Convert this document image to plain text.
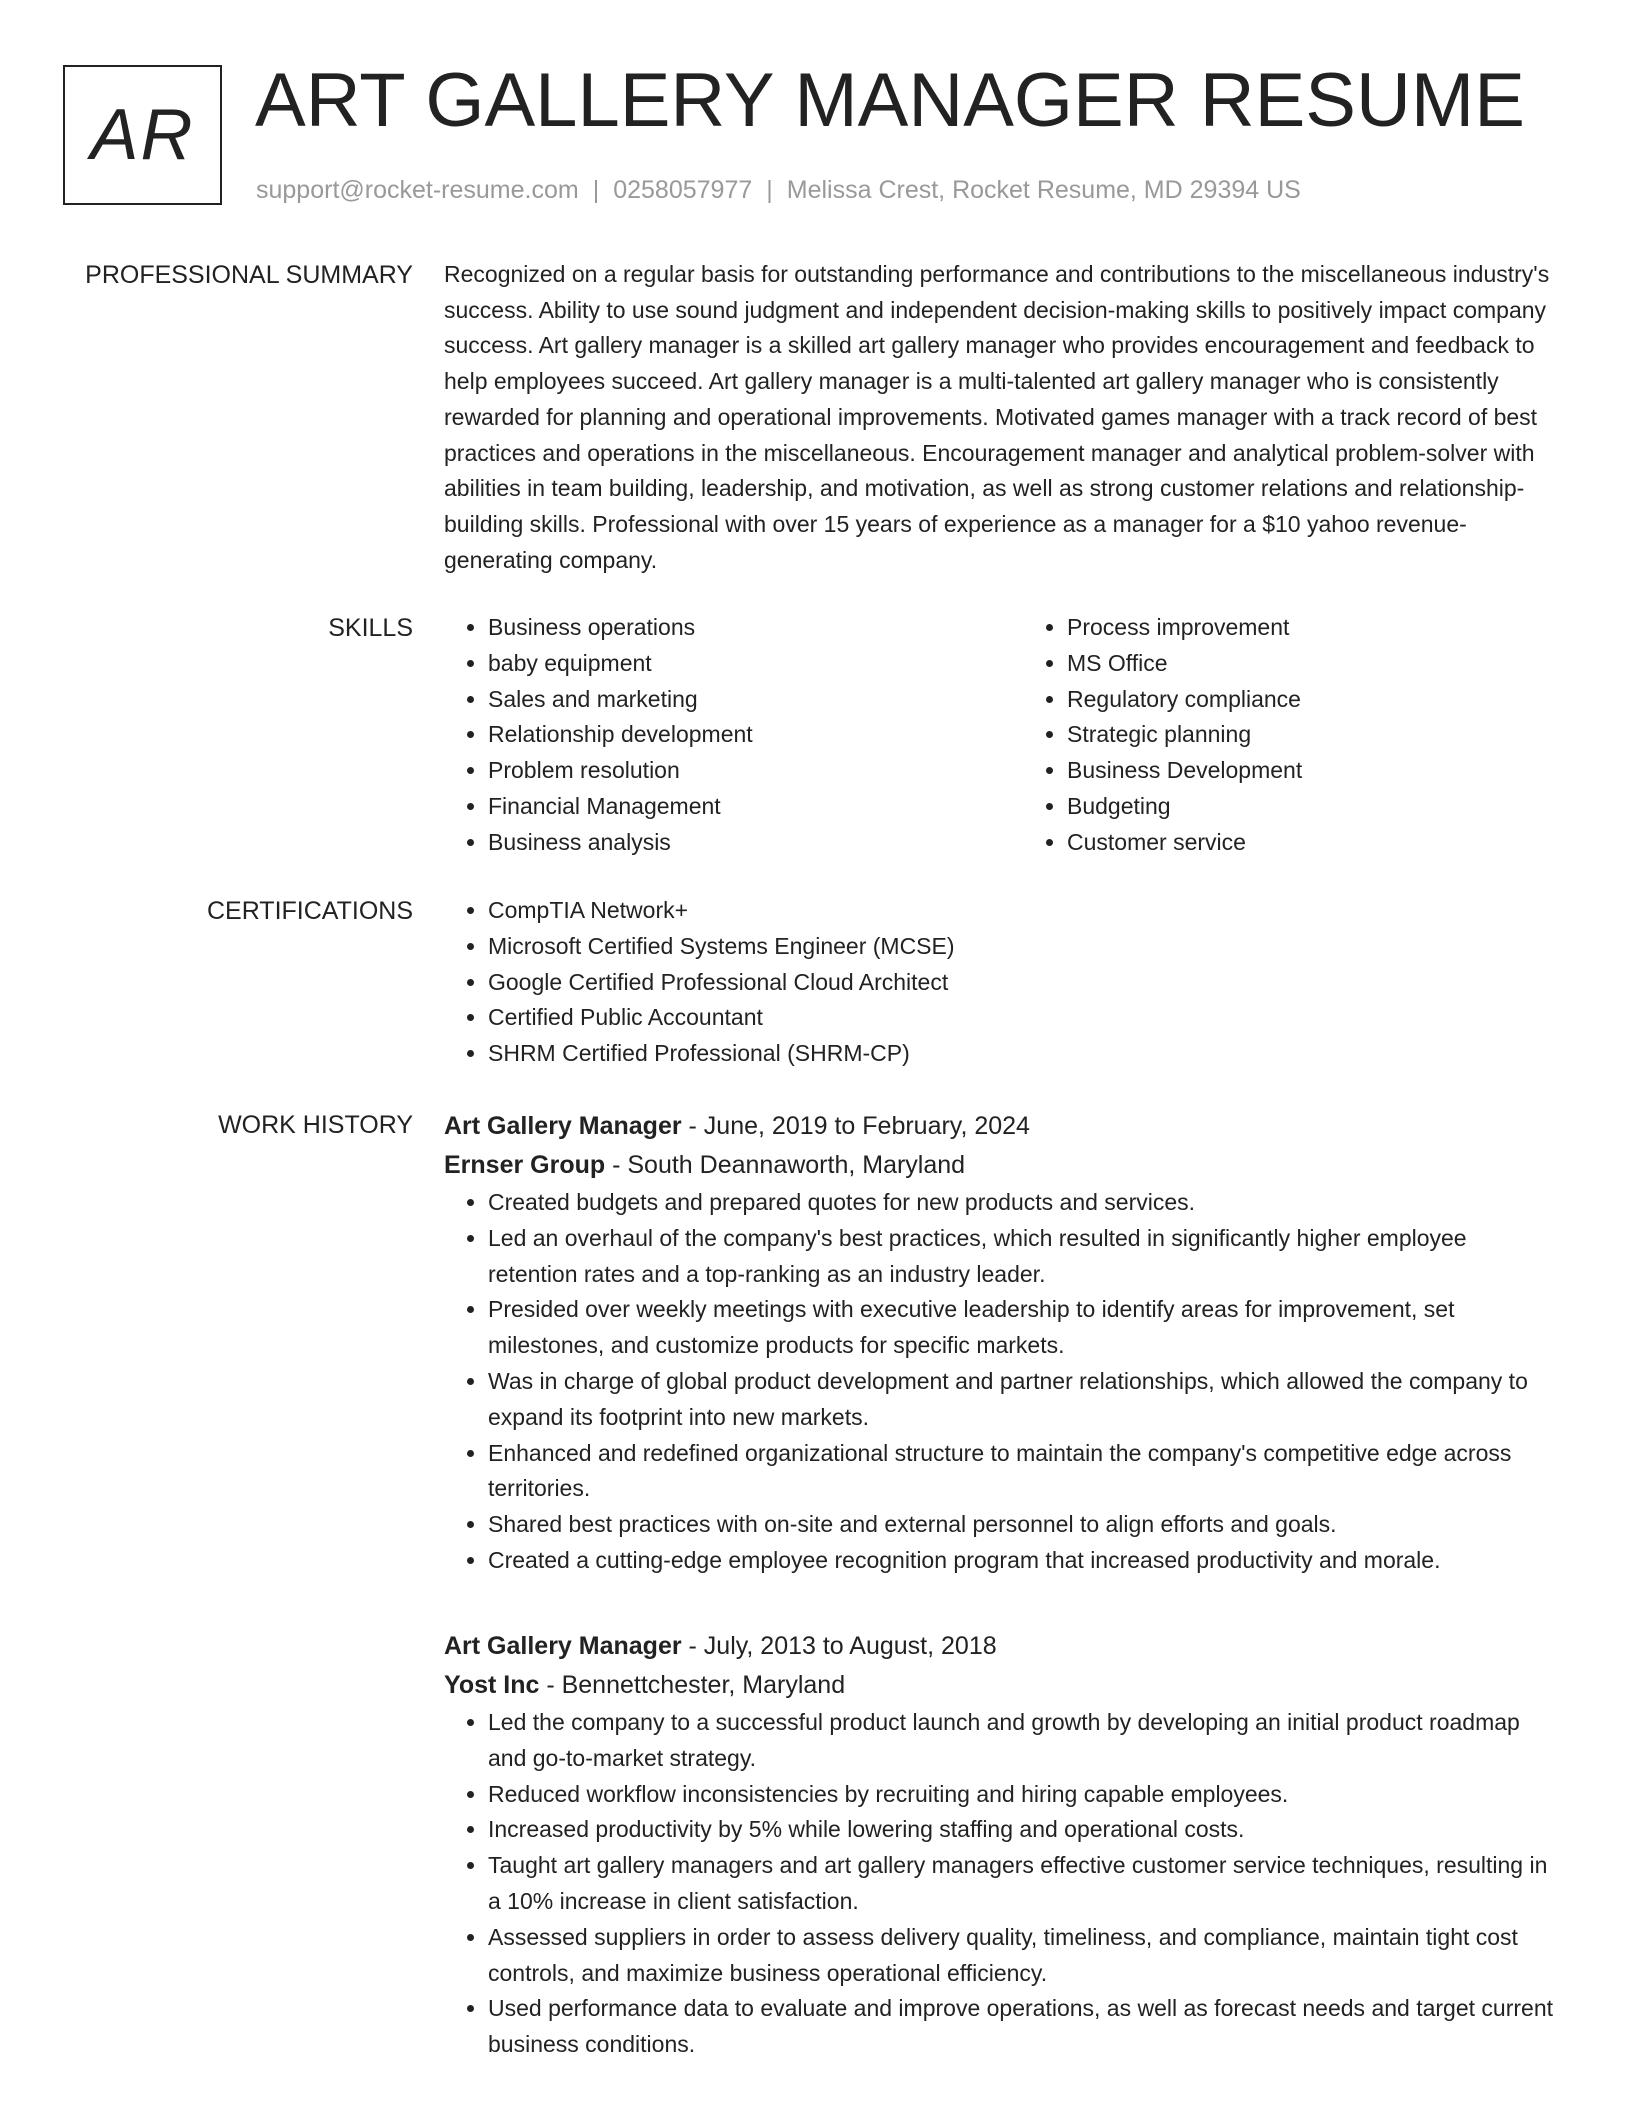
AR ART GALLERY MANAGER RESUME
support@rocket-resume.com | 0258057977 | Melissa Crest, Rocket Resume, MD 29394 US
PROFESSIONAL SUMMARY Recognized on a regular basis for outstanding performance and contributions to the miscellaneous industry's success. Ability to use sound judgment and independent decision-making skills to positively impact company success. Art gallery manager is a skilled art gallery manager who provides encouragement and feedback to help employees succeed. Art gallery manager is a multi-talented art gallery manager who is consistently rewarded for planning and operational improvements. Motivated games manager with a track record of best practices and operations in the miscellaneous. Encouragement manager and analytical problem-solver with abilities in team building, leadership, and motivation, as well as strong customer relations and relationship-building skills. Professional with over 15 years of experience as a manager for a $10 yahoo revenue-generating company.

SKILLS	• Business operations
• baby equipment
• Sales and marketing
• Relationship development
• Problem resolution
• Financial Management
• Business analysis
• Process improvement
• MS Office
• Regulatory compliance
• Strategic planning
• Business Development
• Budgeting
• Customer service
CERTIFICATIONS	• CompTIA Network+
• Microsoft Certified Systems Engineer (MCSE)
• Google Certified Professional Cloud Architect
• Certified Public Accountant
• SHRM Certified Professional (SHRM-CP)
WORK HISTORY Art Gallery Manager - June, 2019 to February, 2024
Ernser Group - South Deannaworth, Maryland
• Created budgets and prepared quotes for new products and services.
• Led an overhaul of the company's best practices, which resulted in significantly higher employee retention rates and a top-ranking as an industry leader.
• Presided over weekly meetings with executive leadership to identify areas for improvement, set milestones, and customize products for specific markets.
• Was in charge of global product development and partner relationships, which allowed the company to expand its footprint into new markets.
• Enhanced and redefined organizational structure to maintain the company's competitive edge across territories.
• Shared best practices with on-site and external personnel to align efforts and goals.
• Created a cutting-edge employee recognition program that increased productivity and morale.
Art Gallery Manager - July, 2013 to August, 2018
Yost Inc - Bennettchester, Maryland
• Led the company to a successful product launch and growth by developing an initial product roadmap and go-to-market strategy.
• Reduced workflow inconsistencies by recruiting and hiring capable employees.
• Increased productivity by 5% while lowering staffing and operational costs.
• Taught art gallery managers and art gallery managers effective customer service techniques, resulting in a 10% increase in client satisfaction.
• Assessed suppliers in order to assess delivery quality, timeliness, and compliance, maintain tight cost controls, and maximize business operational efficiency.
• Used performance data to evaluate and improve operations, as well as forecast needs and target current business conditions.
